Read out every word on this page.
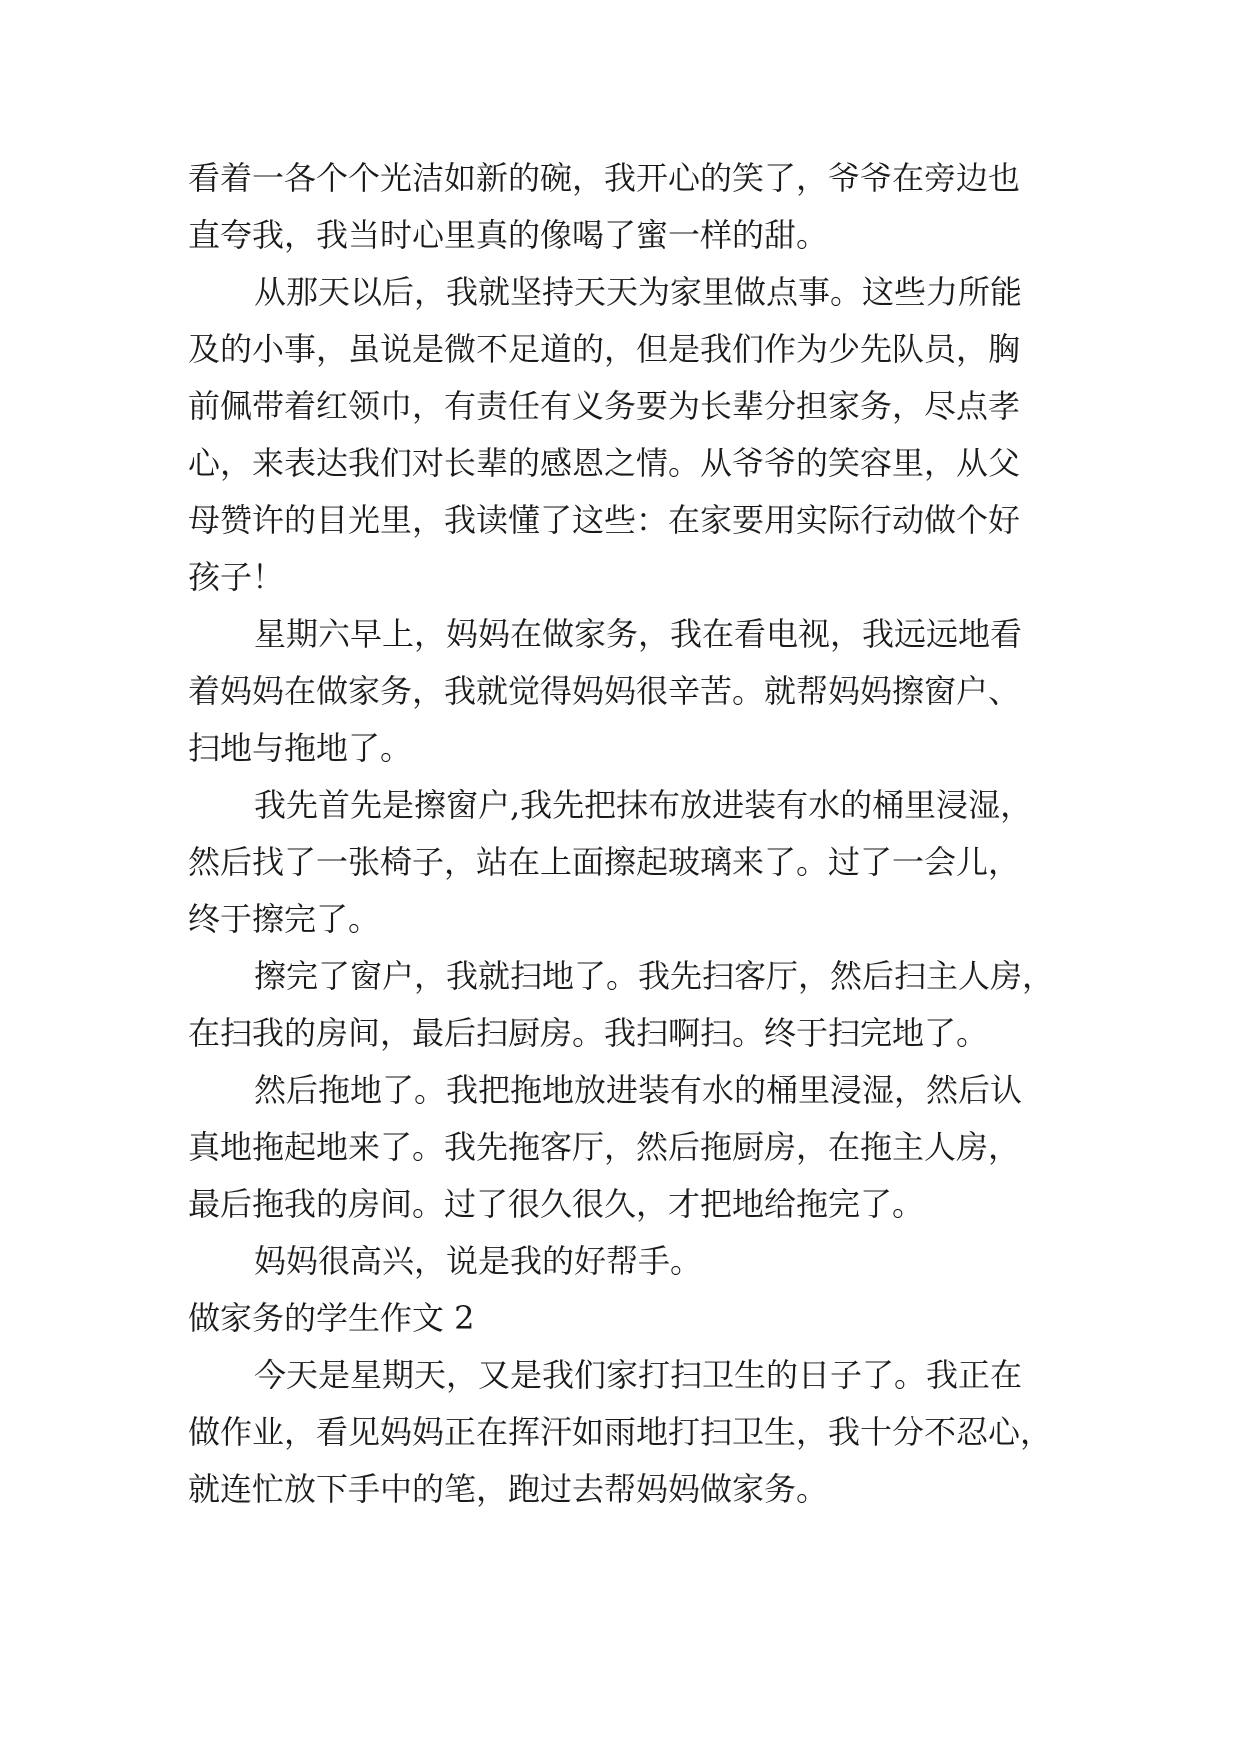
看着一各个个光洁如新的碗，我开心的笑了，爷爷在旁边也
直夸我，我当时心里真的像喝了蜜一样的甜。
从那天以后，我就坚持天天为家里做点事。这些力所能
及的小事，虽说是微不足道的，但是我们作为少先队员，胸
前佩带着红领巾，有责任有义务要为长辈分担家务，尽点孝
心，来表达我们对长辈的感恩之情。从爷爷的笑容里，从父
母赞许的目光里，我读懂了这些：在家要用实际行动做个好
孩子！
星期六早上，妈妈在做家务，我在看电视，我远远地看
着妈妈在做家务，我就觉得妈妈很辛苦。就帮妈妈擦窗户、
扫地与拖地了。
我先首先是擦窗户,我先把抹布放进装有水的桶里浸湿，
然后找了一张椅子，站在上面擦起玻璃来了。过了一会儿，
终于擦完了。
擦完了窗户，我就扫地了。我先扫客厅，然后扫主人房，
在扫我的房间，最后扫厨房。我扫啊扫。终于扫完地了。
然后拖地了。我把拖地放进装有水的桶里浸湿，然后认
真地拖起地来了。我先拖客厅，然后拖厨房，在拖主人房，
最后拖我的房间。过了很久很久，才把地给拖完了。
妈妈很高兴，说是我的好帮手。
做家务的学生作文 2
今天是星期天，又是我们家打扫卫生的日子了。我正在
做作业，看见妈妈正在挥汗如雨地打扫卫生，我十分不忍心，
就连忙放下手中的笔，跑过去帮妈妈做家务。
